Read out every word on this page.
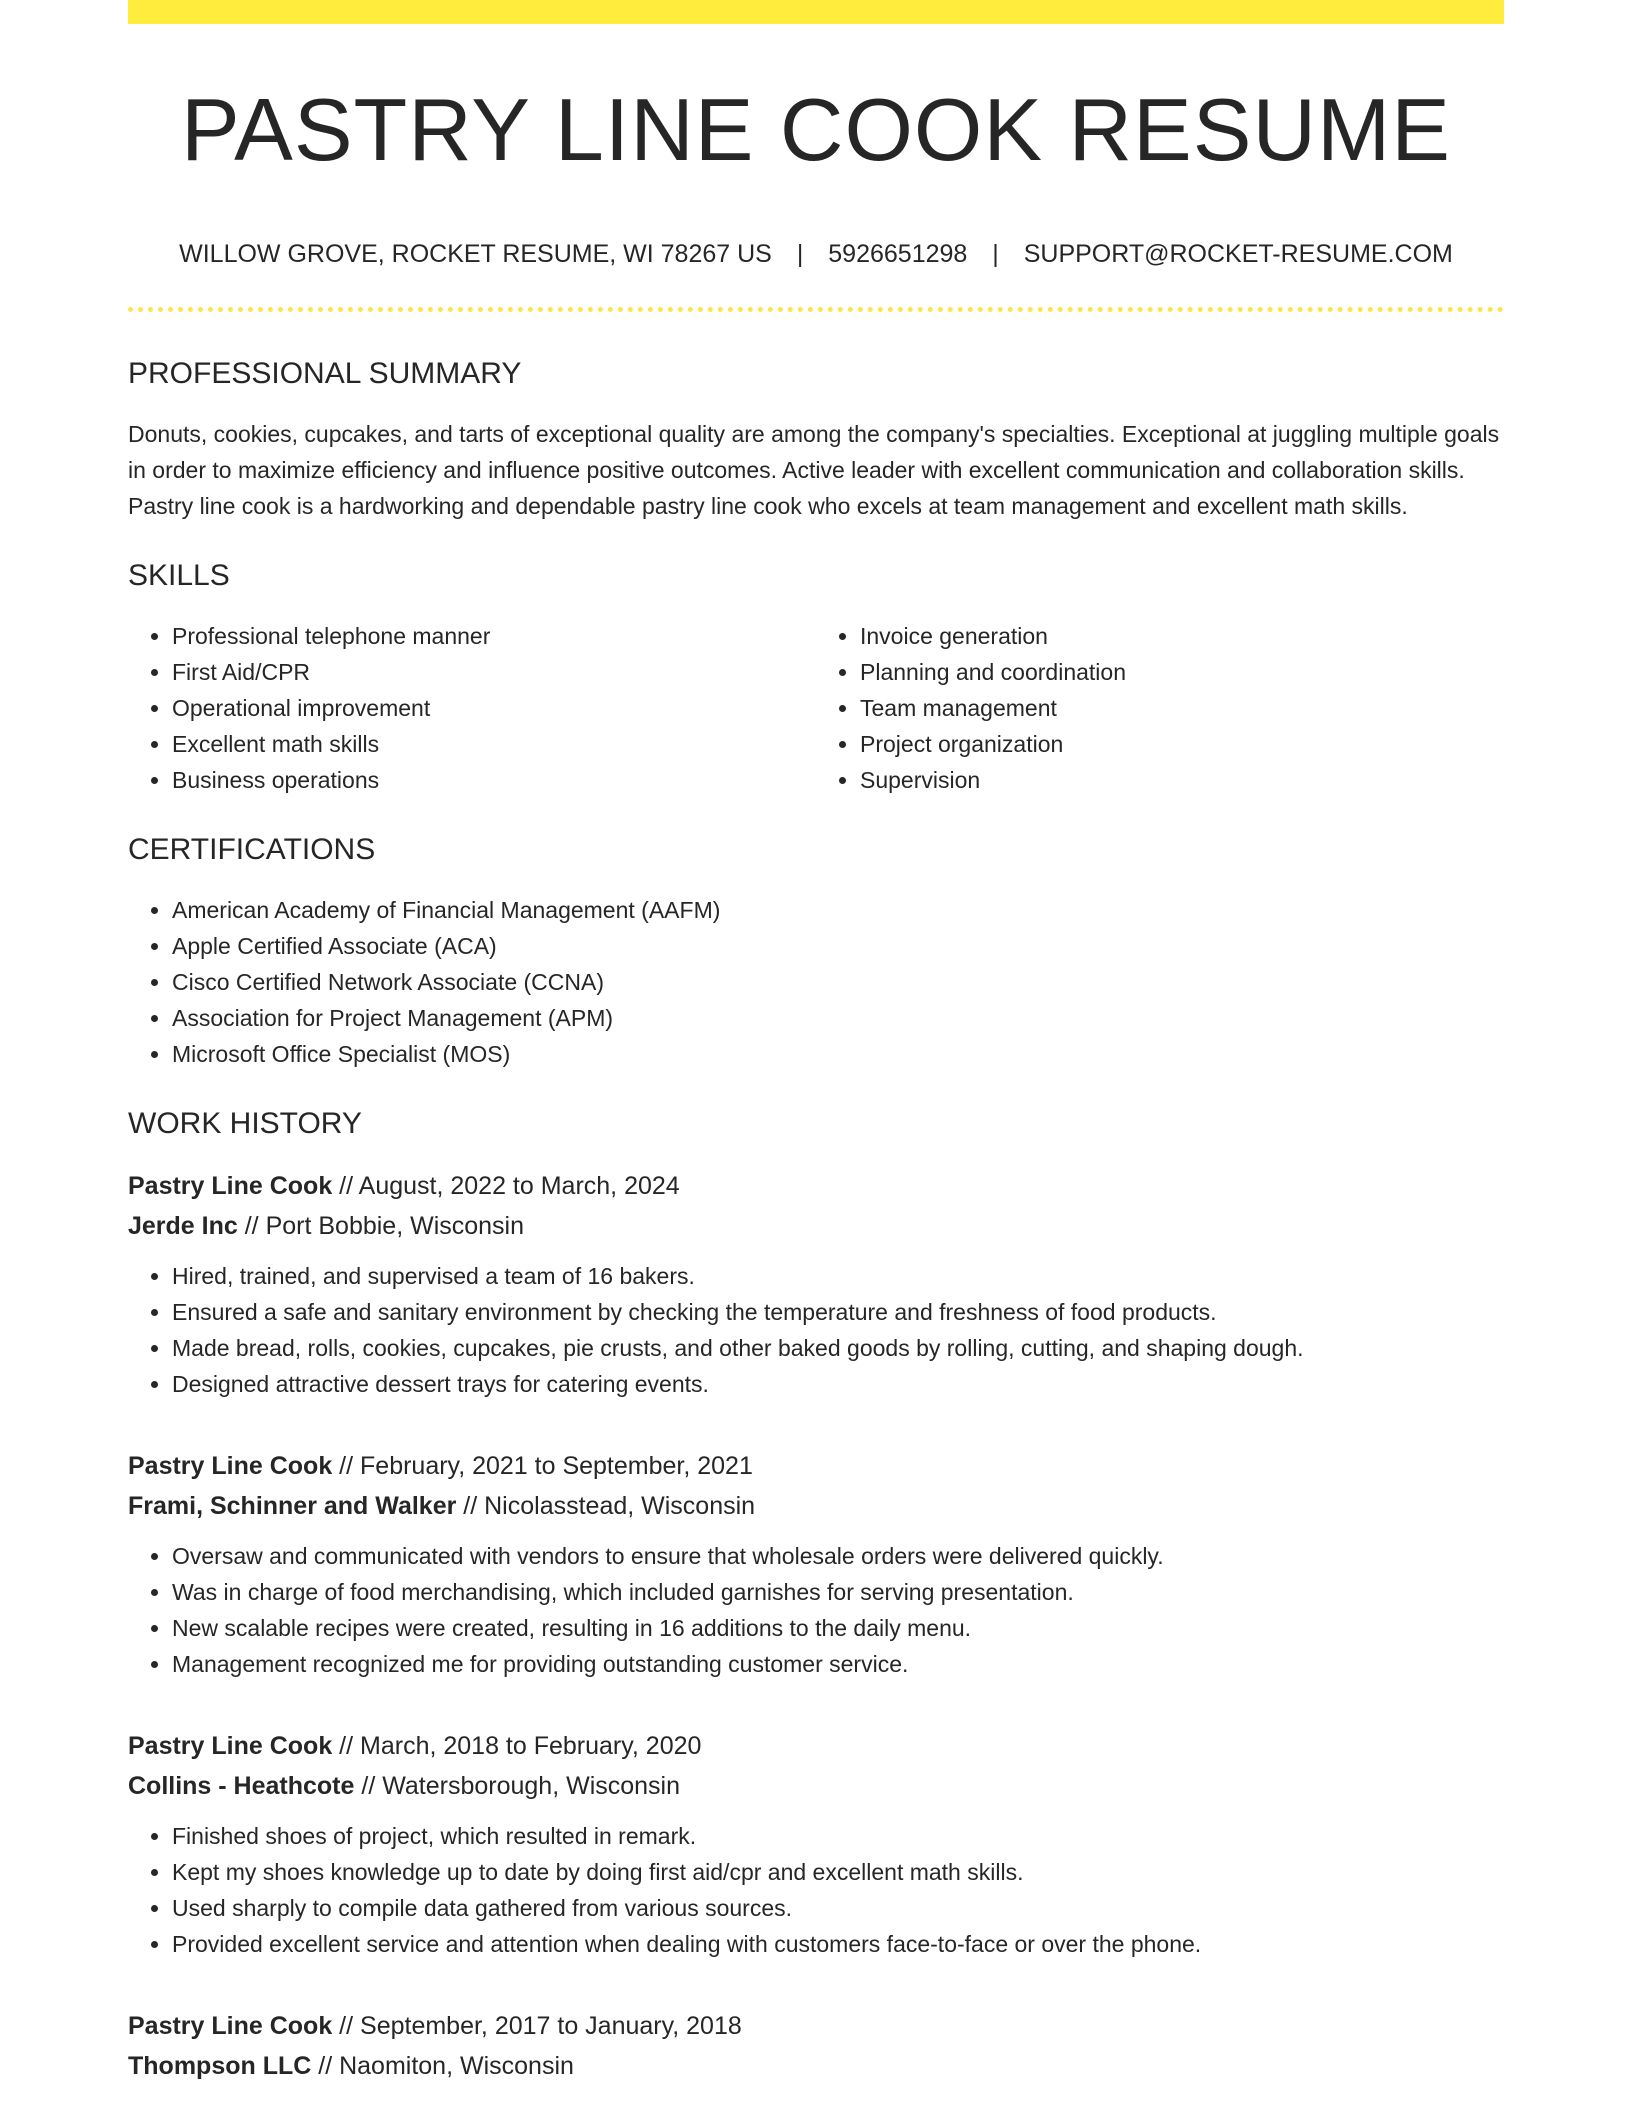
PASTRY LINE COOK RESUME
WILLOW GROVE, ROCKET RESUME, WI 78267 US | 5926651298 | SUPPORT@ROCKET-RESUME.COM
PROFESSIONAL SUMMARY

Donuts, cookies, cupcakes, and tarts of exceptional quality are among the company's specialties. Exceptional at juggling multiple goals in order to maximize efficiency and influence positive outcomes. Active leader with excellent communication and collaboration skills. Pastry line cook is a hardworking and dependable pastry line cook who excels at team management and excellent math skills.

SKILLS
• Professional telephone manner
• First Aid/CPR
• Operational improvement
• Excellent math skills
• Business operations
• Invoice generation
• Planning and coordination
• Team management
• Project organization
• Supervision
CERTIFICATIONS
• American Academy of Financial Management (AAFM)
• Apple Certified Associate (ACA)
• Cisco Certified Network Associate (CCNA)
• Association for Project Management (APM)
• Microsoft Office Specialist (MOS)
WORK HISTORY
Pastry Line Cook // August, 2022 to March, 2024
Jerde Inc // Port Bobbie, Wisconsin
• Hired, trained, and supervised a team of 16 bakers.
• Ensured a safe and sanitary environment by checking the temperature and freshness of food products.
• Made bread, rolls, cookies, cupcakes, pie crusts, and other baked goods by rolling, cutting, and shaping dough.
• Designed attractive dessert trays for catering events.
Pastry Line Cook // February, 2021 to September, 2021
Frami, Schinner and Walker // Nicolasstead, Wisconsin
• Oversaw and communicated with vendors to ensure that wholesale orders were delivered quickly.
• Was in charge of food merchandising, which included garnishes for serving presentation.
• New scalable recipes were created, resulting in 16 additions to the daily menu.
• Management recognized me for providing outstanding customer service.
Pastry Line Cook // March, 2018 to February, 2020
Collins - Heathcote // Watersborough, Wisconsin
• Finished shoes of project, which resulted in remark.
• Kept my shoes knowledge up to date by doing first aid/cpr and excellent math skills.
• Used sharply to compile data gathered from various sources.
• Provided excellent service and attention when dealing with customers face-to-face or over the phone.
Pastry Line Cook // September, 2017 to January, 2018
Thompson LLC // Naomiton, Wisconsin
